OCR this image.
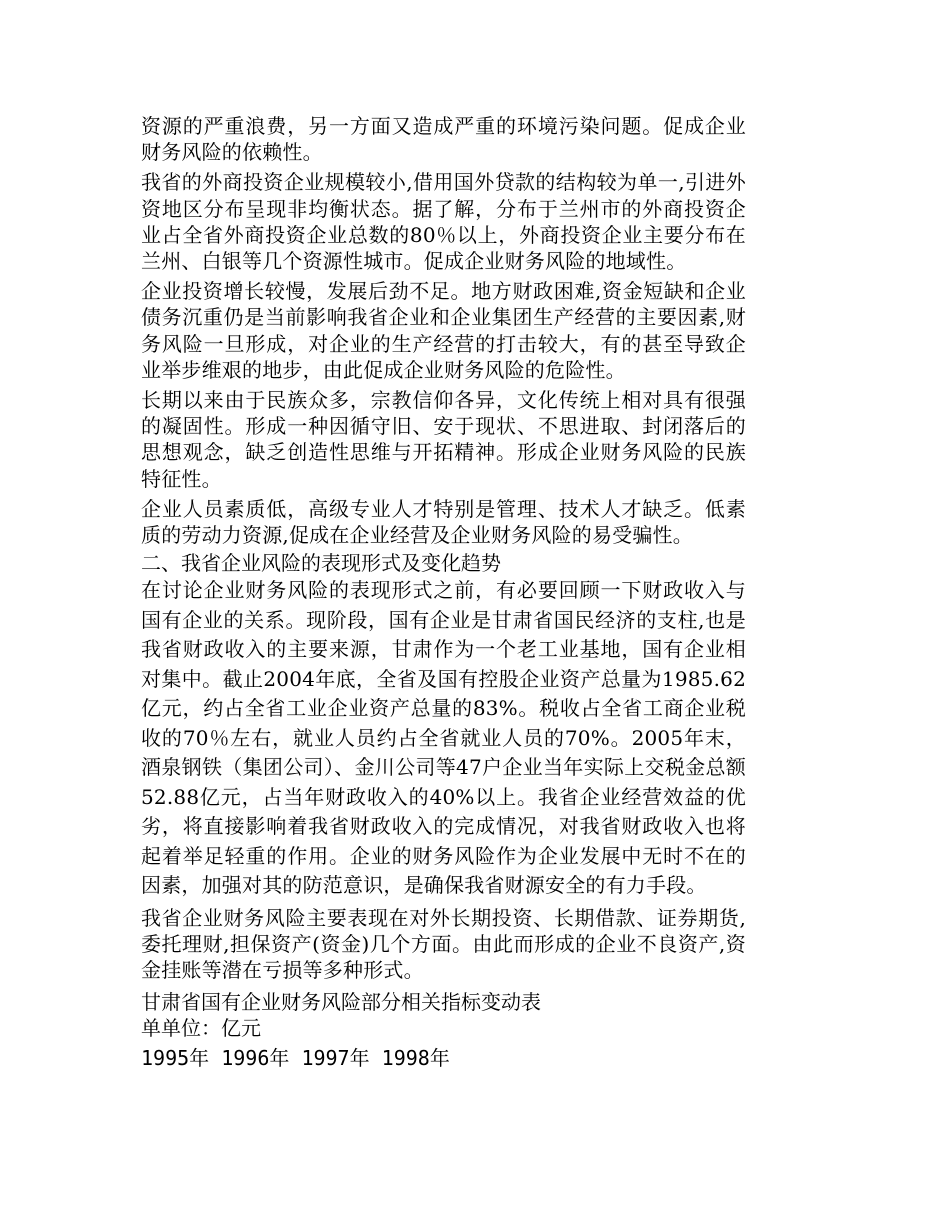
资源的严重浪费，另一方面又造成严重的环境污染问题。促成企业财务风险的依赖性。

我省的外商投资企业规模较小,借用国外贷款的结构较为单一,引进外资地区分布呈现非均衡状态。据了解，分布于兰州市的外商投资企业占全省外商投资企业总数的80％以上，外商投资企业主要分布在兰州、白银等几个资源性城市。促成企业财务风险的地域性。

企业投资增长较慢，发展后劲不足。地方财政困难,资金短缺和企业债务沉重仍是当前影响我省企业和企业集团生产经营的主要因素,财务风险一旦形成，对企业的生产经营的打击较大，有的甚至导致企业举步维艰的地步，由此促成企业财务风险的危险性。

长期以来由于民族众多，宗教信仰各异，文化传统上相对具有很强的凝固性。形成一种因循守旧、安于现状、不思进取、封闭落后的思想观念，缺乏创造性思维与开拓精神。形成企业财务风险的民族特征性。

企业人员素质低，高级专业人才特别是管理、技术人才缺乏。低素质的劳动力资源,促成在企业经营及企业财务风险的易受骗性。

二、我省企业风险的表现形式及变化趋势

在讨论企业财务风险的表现形式之前，有必要回顾一下财政收入与国有企业的关系。现阶段，国有企业是甘肃省国民经济的支柱,也是我省财政收入的主要来源，甘肃作为一个老工业基地，国有企业相对集中。截止2004年底，全省及国有控股企业资产总量为1985.62亿元，约占全省工业企业资产总量的83%。税收占全省工商企业税收的70％左右，就业人员约占全省就业人员的70%。2005年末，酒泉钢铁（集团公司）、金川公司等47户企业当年实际上交税金总额52.88亿元，占当年财政收入的40%以上。我省企业经营效益的优劣，将直接影响着我省财政收入的完成情况，对我省财政收入也将起着举足轻重的作用。企业的财务风险作为企业发展中无时不在的因素，加强对其的防范意识，是确保我省财源安全的有力手段。

我省企业财务风险主要表现在对外长期投资、长期借款、证券期货,委托理财,担保资产(资金)几个方面。由此而形成的企业不良资产,资金挂账等潜在亏损等多种形式。

甘肃省国有企业财务风险部分相关指标变动表

单单位：亿元

1995年 1996年 1997年 1998年
